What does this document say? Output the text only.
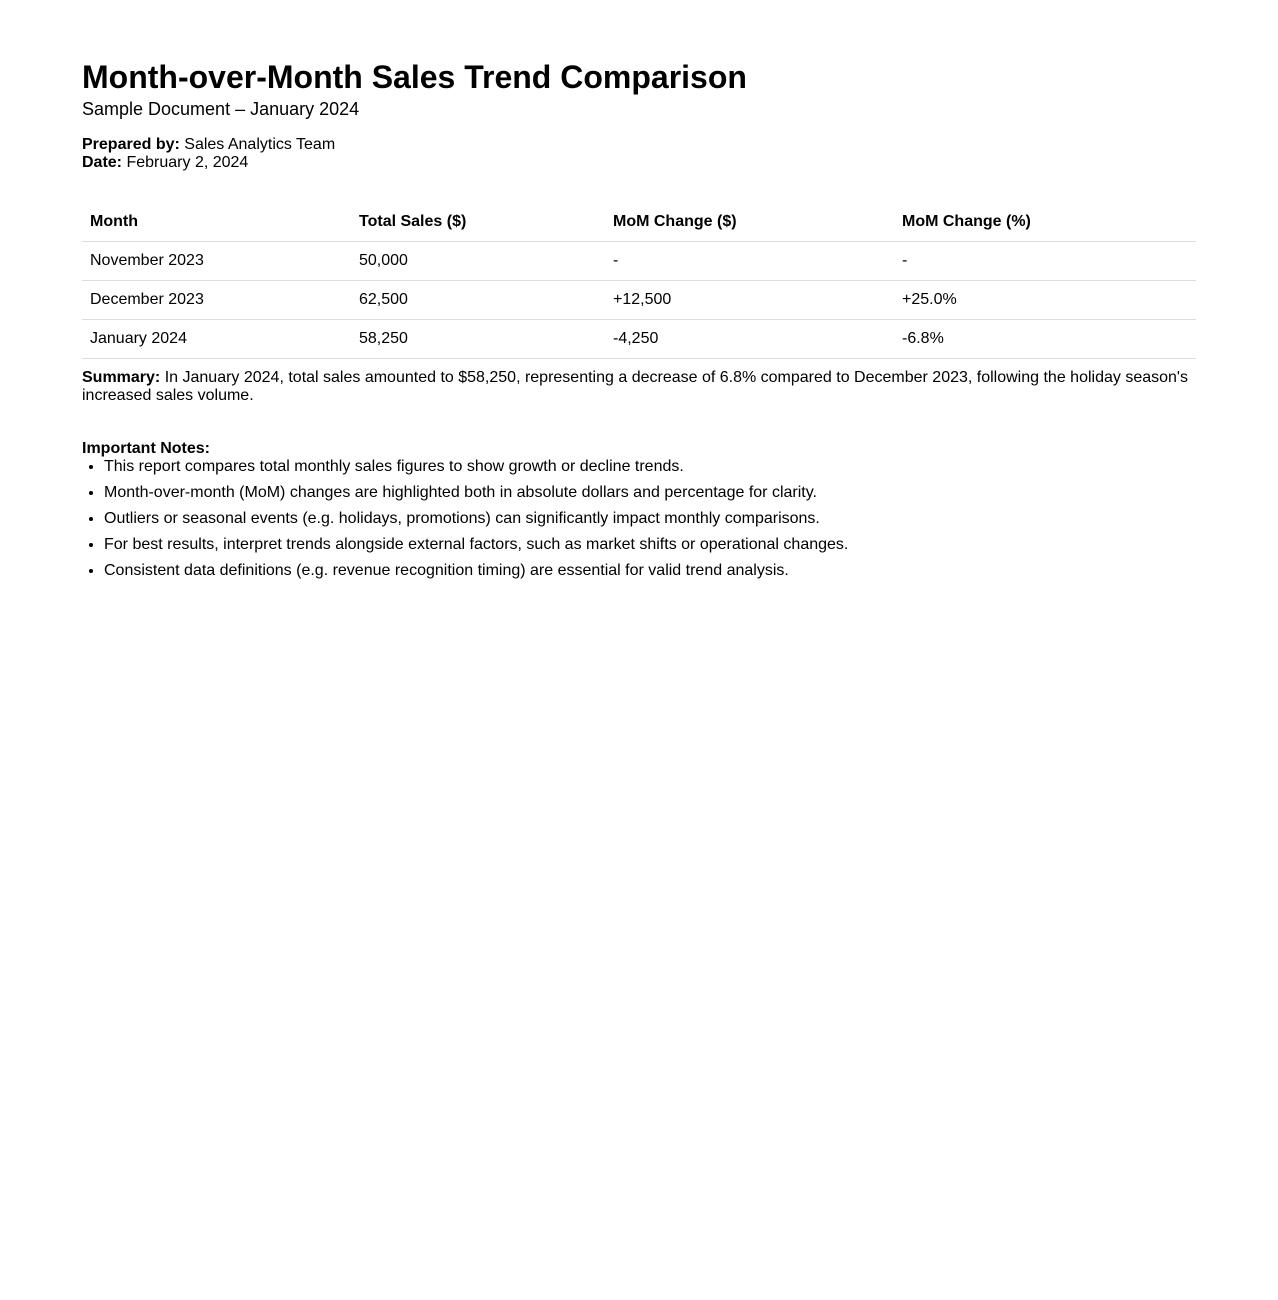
Month-over-Month Sales Trend Comparison
Sample Document – January 2024
Prepared by: Sales Analytics Team
Date: February 2, 2024
Month	Total Sales ($)	MoM Change ($)	MoM Change (%)
November 2023	50,000	-	-
December 2023	62,500	+12,500	+25.0%
January 2024	58,250	-4,250	-6.8%
Summary: In January 2024, total sales amounted to $58,250, representing a decrease of 6.8% compared to December 2023, following the holiday season's increased sales volume.
Important Notes:
• This report compares total monthly sales figures to show growth or decline trends.
• Month-over-month (MoM) changes are highlighted both in absolute dollars and percentage for clarity.
• Outliers or seasonal events (e.g. holidays, promotions) can significantly impact monthly comparisons.
• For best results, interpret trends alongside external factors, such as market shifts or operational changes.
• Consistent data definitions (e.g. revenue recognition timing) are essential for valid trend analysis.
